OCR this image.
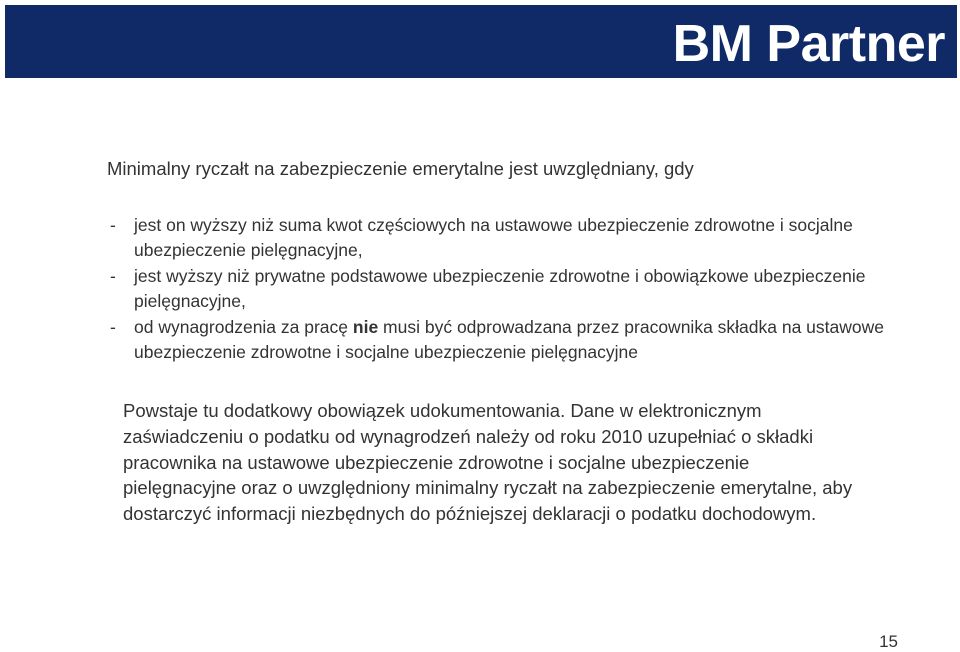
BM Partner

Minimalny ryczałt na zabezpieczenie emerytalne jest uwzględniany, gdy

- jest on wyższy niż suma kwot częściowych na ustawowe ubezpieczenie zdrowotne i socjalne ubezpieczenie pielęgnacyjne,
- jest wyższy niż prywatne podstawowe ubezpieczenie zdrowotne i obowiązkowe ubezpieczenie pielęgnacyjne,
- od wynagrodzenia za pracę nie musi być odprowadzana przez pracownika składka na ustawowe ubezpieczenie zdrowotne i socjalne ubezpieczenie pielęgnacyjne

Powstaje tu dodatkowy obowiązek udokumentowania. Dane w elektronicznym zaświadczeniu o podatku od wynagrodzeń należy od roku 2010 uzupełniać o składki pracownika na ustawowe ubezpieczenie zdrowotne i socjalne ubezpieczenie pielęgnacyjne oraz o uwzględniony minimalny ryczałt na zabezpieczenie emerytalne, aby dostarczyć informacji niezbędnych do późniejszej deklaracji o podatku dochodowym.

15
